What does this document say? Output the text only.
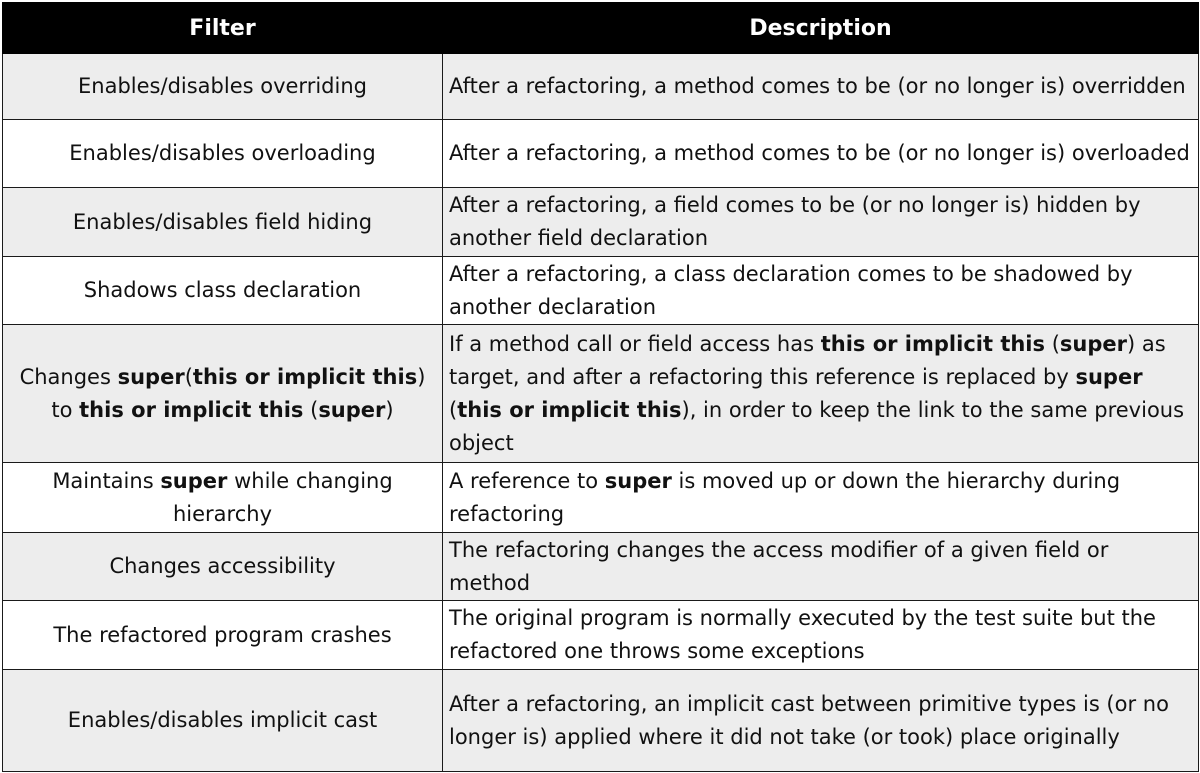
Filter	Description
Enables/disables overriding	After a refactoring, a method comes to be (or no longer is) overridden
Enables/disables overloading	After a refactoring, a method comes to be (or no longer is) overloaded
Enables/disables field hiding	After a refactoring, a field comes to be (or no longer is) hidden by another field declaration
Shadows class declaration	After a refactoring, a class declaration comes to be shadowed by another declaration
Changes super(this or implicit this) to this or implicit this (super)	If a method call or field access has this or implicit this (super) as target, and after a refactoring this reference is replaced by super (this or implicit this), in order to keep the link to the same previous object
Maintains super while changing hierarchy	A reference to super is moved up or down the hierarchy during refactoring
Changes accessibility	The refactoring changes the access modifier of a given field or method
The refactored program crashes	The original program is normally executed by the test suite but the refactored one throws some exceptions
Enables/disables implicit cast	After a refactoring, an implicit cast between primitive types is (or no longer is) applied where it did not take (or took) place originally
